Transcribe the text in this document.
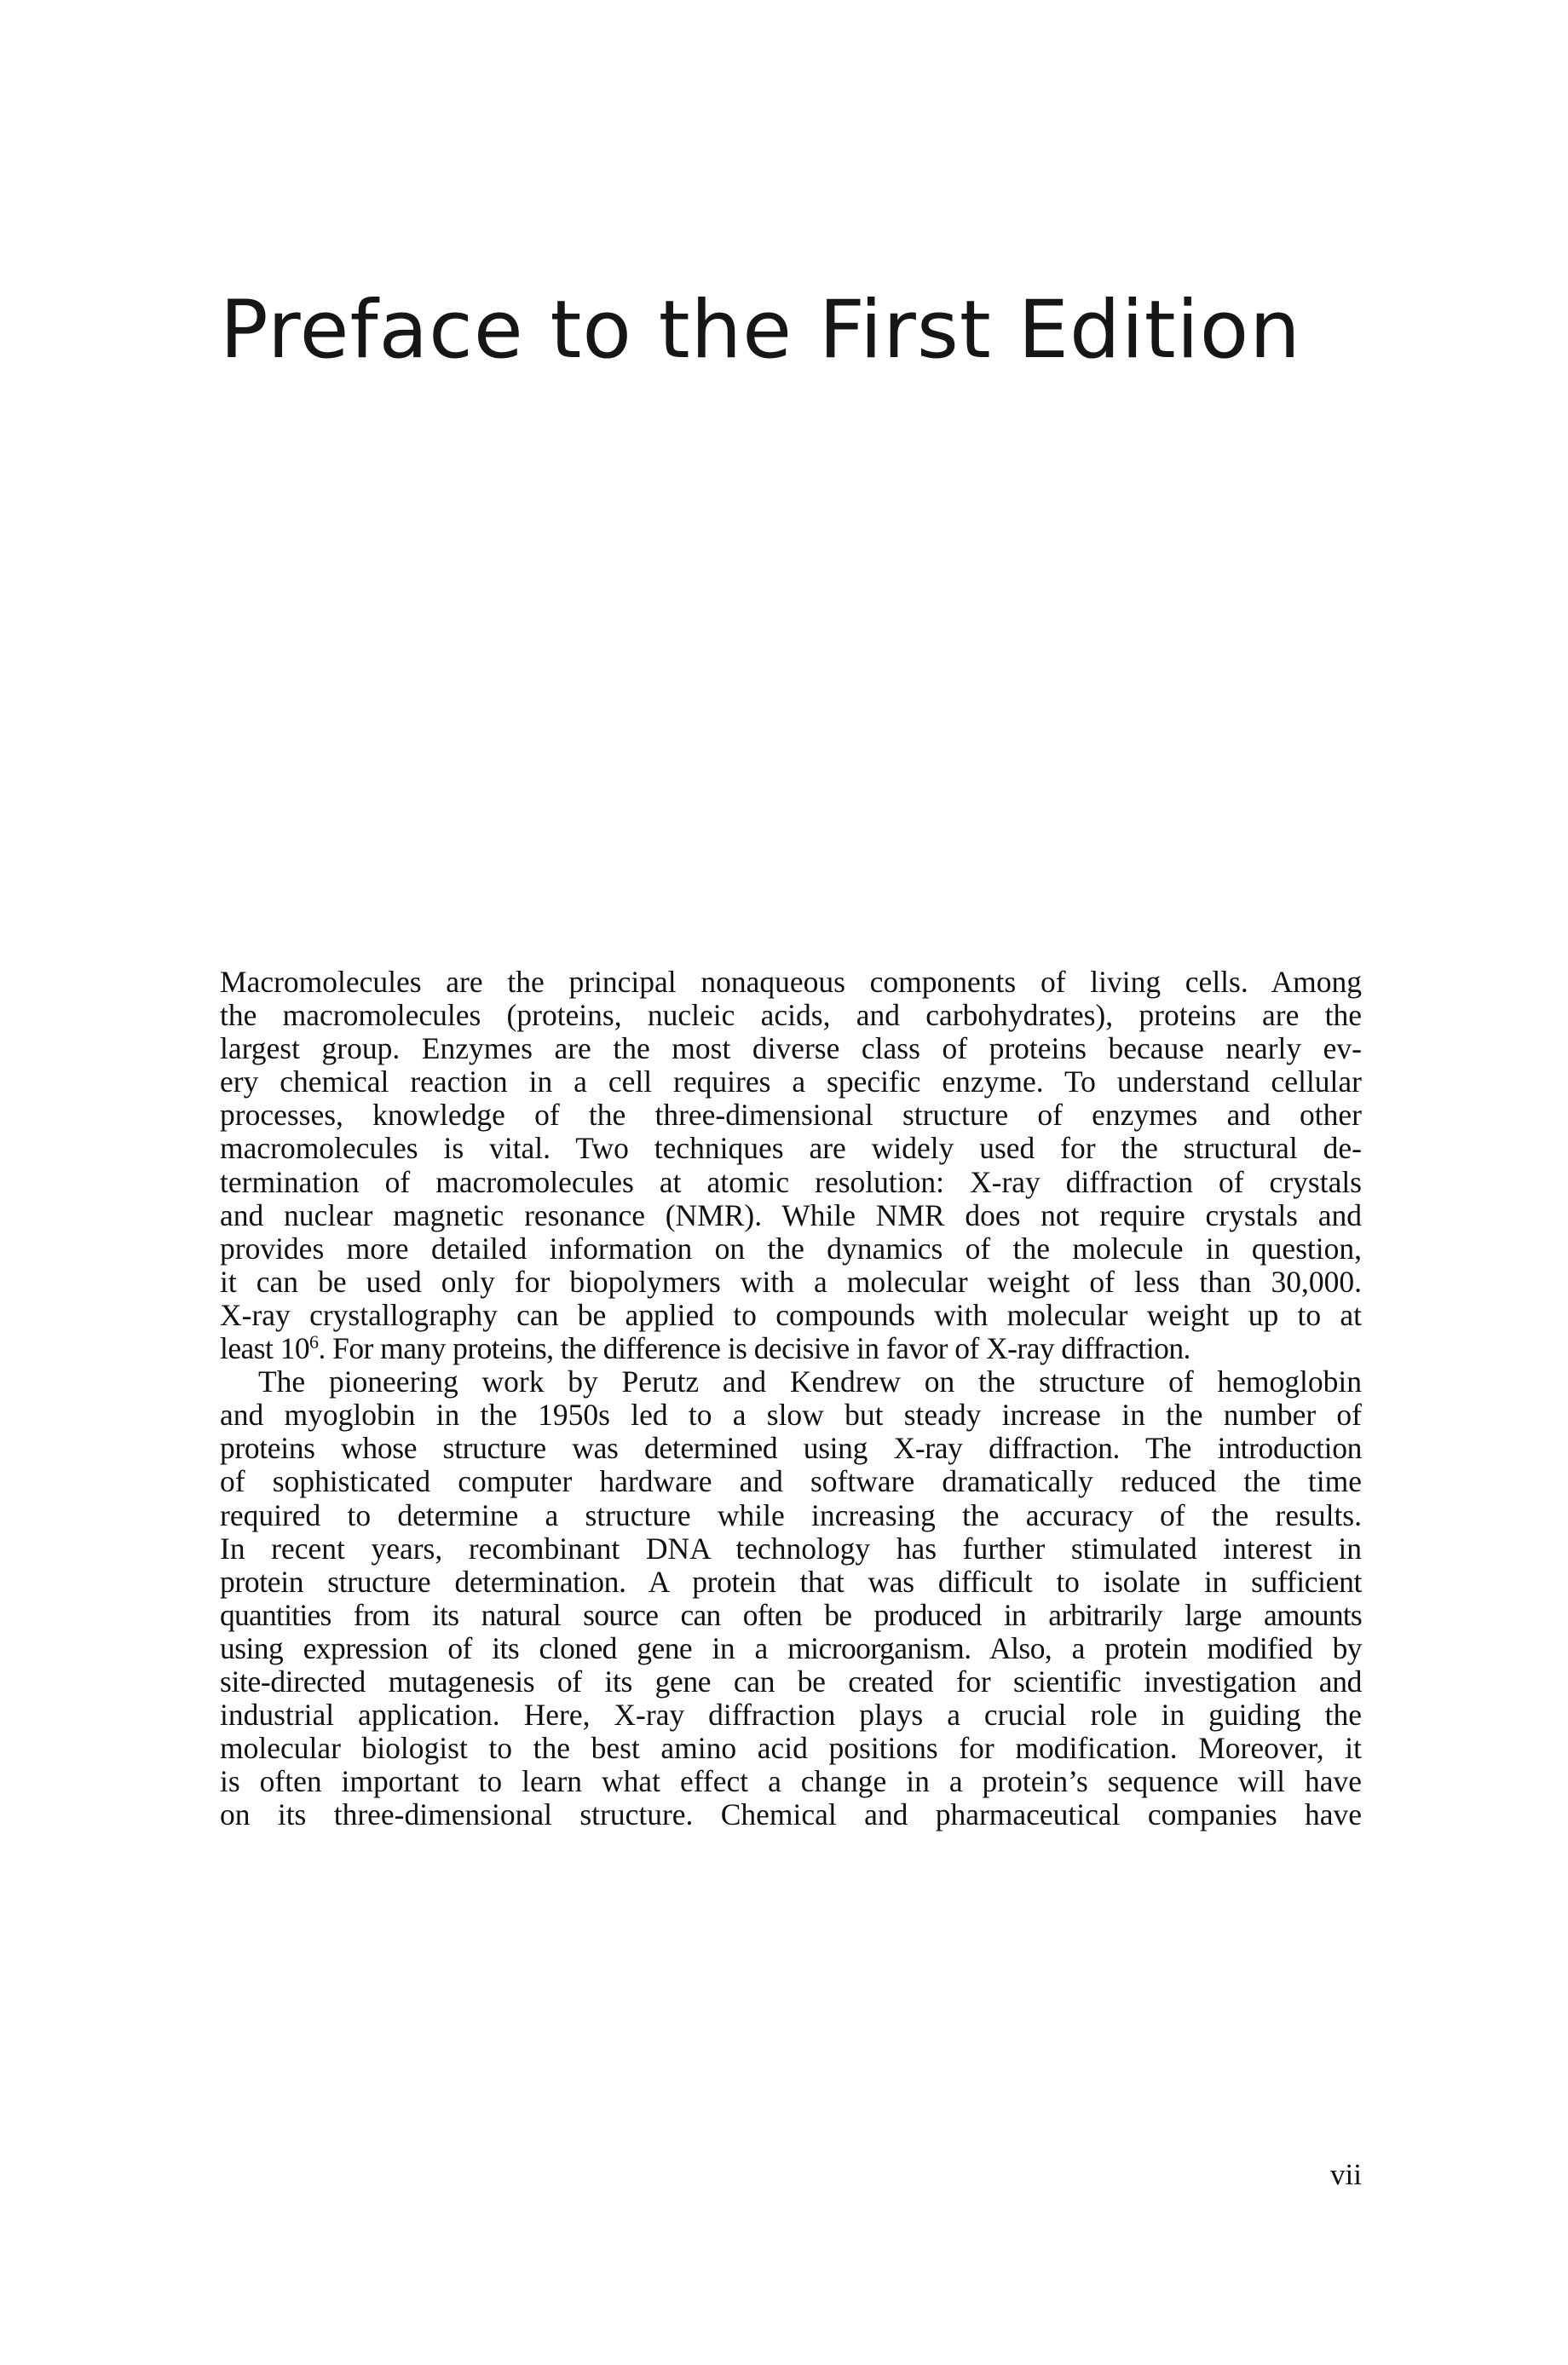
Preface to the First Edition
Macromolecules are the principal nonaqueous components of living cells. Among
the macromolecules (proteins, nucleic acids, and carbohydrates), proteins are the
largest group. Enzymes are the most diverse class of proteins because nearly ev-
ery chemical reaction in a cell requires a specific enzyme. To understand cellular
processes, knowledge of the three-dimensional structure of enzymes and other
macromolecules is vital. Two techniques are widely used for the structural de-
termination of macromolecules at atomic resolution: X-ray diffraction of crystals
and nuclear magnetic resonance (NMR). While NMR does not require crystals and
provides more detailed information on the dynamics of the molecule in question,
it can be used only for biopolymers with a molecular weight of less than 30,000.
X-ray crystallography can be applied to compounds with molecular weight up to at
least $10^6$. For many proteins, the difference is decisive in favor of X-ray diffraction.
The pioneering work by Perutz and Kendrew on the structure of hemoglobin
and myoglobin in the 1950s led to a slow but steady increase in the number of
proteins whose structure was determined using X-ray diffraction. The introduction
of sophisticated computer hardware and software dramatically reduced the time
required to determine a structure while increasing the accuracy of the results.
In recent years, recombinant DNA technology has further stimulated interest in
protein structure determination. A protein that was difficult to isolate in sufficient
quantities from its natural source can often be produced in arbitrarily large amounts
using expression of its cloned gene in a microorganism. Also, a protein modified by
site-directed mutagenesis of its gene can be created for scientific investigation and
industrial application. Here, X-ray diffraction plays a crucial role in guiding the
molecular biologist to the best amino acid positions for modification. Moreover, it
is often important to learn what effect a change in a protein’s sequence will have
on its three-dimensional structure. Chemical and pharmaceutical companies have
vii
